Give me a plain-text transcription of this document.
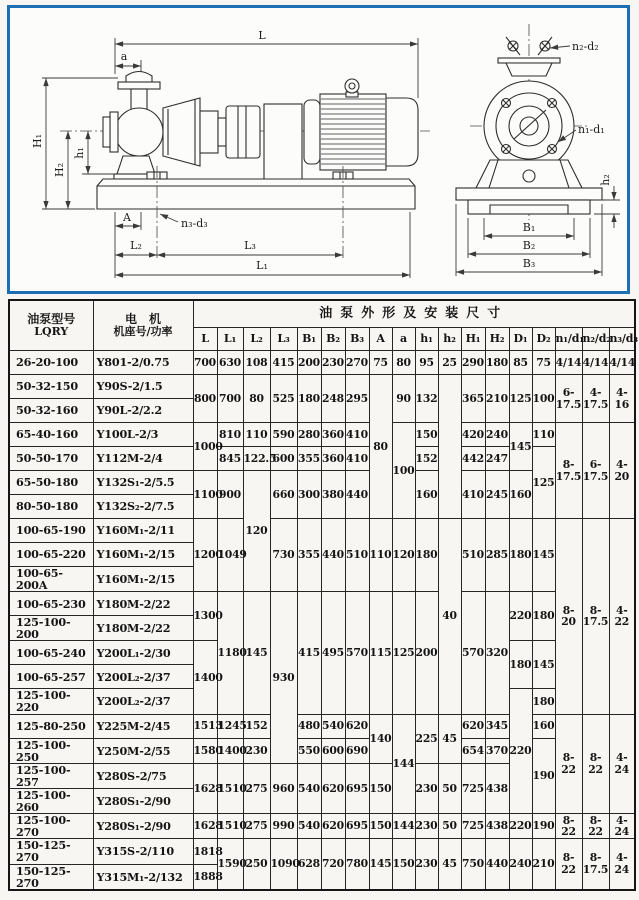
L
a
H₁
H₂
h₁
A	n₃-d₃
L₂	L₃
L₁
n₂-d₂
n₁-d₁
h₂
B₁
B₂
B₃
油泵型号
LQRY

电　机
机座号/功率
	油泵外形及安装尺寸
		L	L₁	L₂	L₃	B₁	B₂	B₃	A	a	h₁	h₂	H₁	H₂	D₁	D₂	n₁/d₁	n₂/d₂	n₃/d₃
26-20-100	Y801-2/0.75	700	630	108	415	200	230	270	75	80	95	25	290	180	85	75	4/14	4/14	4/14
50-32-150	Y90S-2/1.5	800	700	80	525	180	248	295	80	90	132		365	210	125	100	6-17.5	4-17.5	4-16
50-32-160	Y90L-2/2.2																		
65-40-160	Y100L-2/3	1000	810	110	590	280	360	410		100	150		420	240	145	110	8-17.5	6-17.5	4-20
50-50-170	Y112M-2/4		845	122.5	600	355	360	410			152		442	247		125			
65-50-180	Y132S₁-2/5.5	1100	900	120	660	300	380	440			160		410	245	160				
80-50-180	Y132S₂-2/7.5																		
100-65-190	Y160M₁-2/11	1200	1049		730	355	440	510	110	120	180	40	510	285	180	145	8-20	8-17.5	4-22
100-65-220	Y160M₁-2/15																		
100-65-200A	Y160M₁-2/15																		
100-65-230	Y180M-2/22	1300	1180	145	930	415	495	570	115	125	200		570	320	220	180			
125-100-200	Y180M-2/22																		
100-65-240	Y200L₁-2/30	1400													180	145			
100-65-257	Y200L₂-2/37																		
125-100-220	Y200L₂-2/37														220	180			
125-80-250	Y225M-2/45	1513	1245	152		480	540	620	140	144	225	45	620	345		160	8-22	8-22	4-24
125-100-250	Y250M-2/55	1580	1400	230		550	600	690					654	370		190			
125-100-257	Y280S-2/75	1628	1510	275	960	540	620	695	150		230	50	725	438					
125-100-260	Y280S₁-2/90																		
125-100-270	Y280S₁-2/90	1628	1510	275	990	540	620	695	150	144	230	50	725	438	220	190	8-22	8-22	4-24
150-125-270	Y315S-2/110	1818	1590	250	1090	628	720	780	145	150	230	45	750	440	240	210	8-22	8-17.5	4-24
150-125-270	Y315M₁-2/132	1888																	
